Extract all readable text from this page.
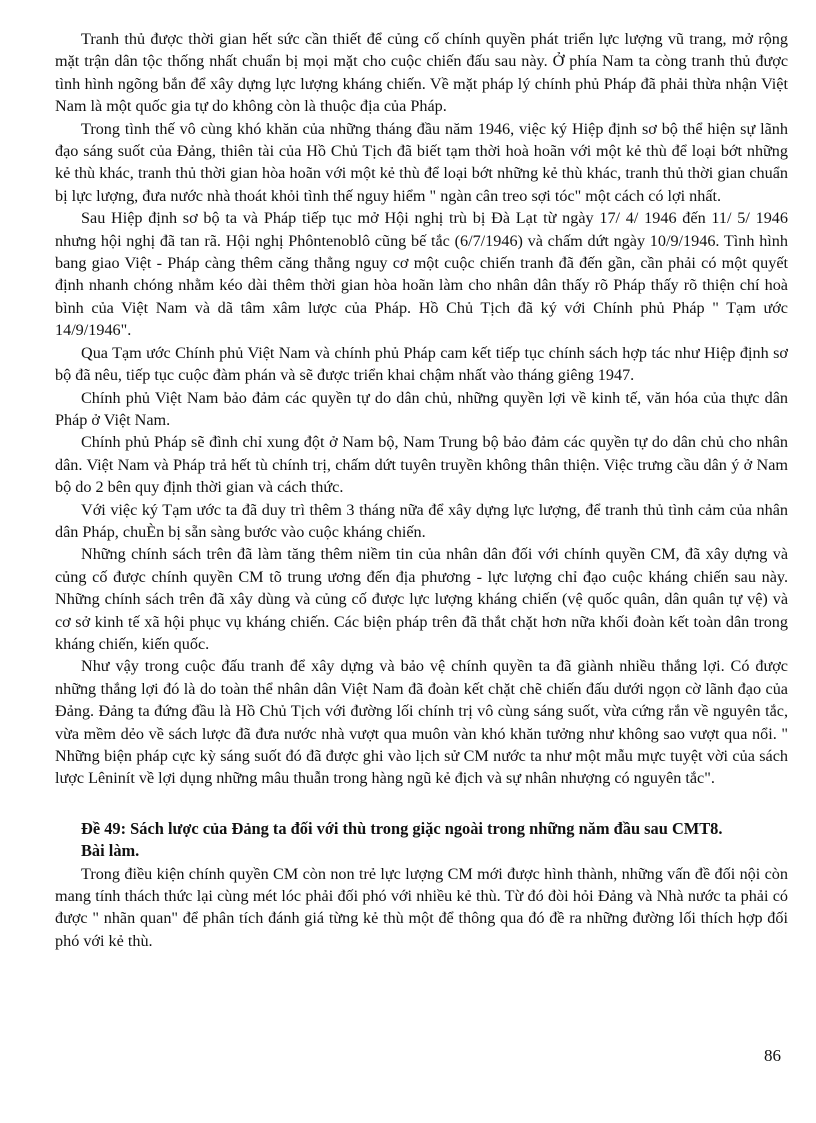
Tranh thủ được thời gian hết sức cần thiết để củng cố chính quyền phát triển lực lượng vũ trang, mở rộng mặt trận dân tộc thống nhất chuẩn bị mọi mặt cho cuộc chiến đấu sau này. Ở phía Nam ta còng tranh thủ được tình hình ngõng bắn để xây dựng lực lượng kháng chiến. Về mặt pháp lý chính phủ Pháp đã phải thừa nhận Việt Nam là một quốc gia tự do không còn là thuộc địa của Pháp.

Trong tình thế vô cùng khó khăn của những tháng đầu năm 1946, việc ký Hiệp định sơ bộ thể hiện sự lãnh đạo sáng suốt của Đảng, thiên tài của Hồ Chủ Tịch đã biết tạm thời hoà hoãn với một kẻ thù để loại bớt những kẻ thù khác, tranh thủ thời gian hòa hoãn với một kẻ thù để loại bớt những kẻ thù khác, tranh thủ thời gian chuẩn bị lực lượng, đưa nước nhà thoát khỏi tình thế nguy hiểm " ngàn cân treo sợi tóc" một cách có lợi nhất.

Sau Hiệp định sơ bộ ta và Pháp tiếp tục mở Hội nghị trù bị Đà Lạt từ ngày 17/ 4/ 1946 đến 11/ 5/ 1946 nhưng hội nghị đã tan rã. Hội nghị Phôntenoblô cũng bế tắc (6/7/1946) và chấm dứt ngày 10/9/1946. Tình hình bang giao Việt - Pháp càng thêm căng thẳng nguy cơ một cuộc chiến tranh đã đến gần, cần phải có một quyết định nhanh chóng nhằm kéo dài thêm thời gian hòa hoãn làm cho nhân dân thấy rõ Pháp thấy rõ thiện chí hoà bình của Việt Nam và dã tâm xâm lược của Pháp. Hồ Chủ Tịch đã ký với Chính phủ Pháp " Tạm ước 14/9/1946".

Qua Tạm ước Chính phủ Việt Nam và chính phủ Pháp cam kết tiếp tục chính sách hợp tác như Hiệp định sơ bộ đã nêu, tiếp tục cuộc đàm phán và sẽ được triển khai chậm nhất vào tháng giêng 1947.

Chính phủ Việt Nam bảo đảm các quyền tự do dân chủ, những quyền lợi về kinh tế, văn hóa của thực dân Pháp ở Việt Nam.

Chính phủ Pháp sẽ đình chỉ xung đột ở Nam bộ, Nam Trung bộ bảo đảm các quyền tự do dân chủ cho nhân dân. Việt Nam và Pháp trả hết tù chính trị, chấm dứt tuyên truyền không thân thiện. Việc trưng cầu dân ý ở Nam bộ do 2 bên quy định thời gian và cách thức.

Với việc ký Tạm ước ta đã duy trì thêm 3 tháng nữa để xây dựng lực lượng, để tranh thủ tình cảm của nhân dân Pháp, chuÈn bị sẵn sàng bước vào cuộc kháng chiến.

Những chính sách trên đã làm tăng thêm niềm tin của nhân dân đối với chính quyền CM, đã xây dựng và củng cố được chính quyền CM tõ trung ương đến địa phương - lực lượng chỉ đạo cuộc kháng chiến sau này. Những chính sách trên đã xây dùng và củng cố được lực lượng kháng chiến (vệ quốc quân, dân quân tự vệ) và cơ sở kinh tế xã hội phục vụ kháng chiến. Các biện pháp trên đã thắt chặt hơn nữa khối đoàn kết toàn dân trong kháng chiến, kiến quốc.

Như vậy trong cuộc đấu tranh để xây dựng và bảo vệ chính quyền ta đã giành nhiều thắng lợi. Có được những thắng lợi đó là do toàn thể nhân dân Việt Nam đã đoàn kết chặt chẽ chiến đấu dưới ngọn cờ lãnh đạo của Đảng. Đảng ta đứng đầu là Hồ Chủ Tịch với đường lối chính trị vô cùng sáng suốt, vừa cứng rắn về nguyên tắc, vừa mềm dẻo về sách lược đã đưa nước nhà vượt qua muôn vàn khó khăn tưởng như không sao vượt qua nổi. " Những biện pháp cực kỳ sáng suốt đó đã được ghi vào lịch sử CM nước ta như một mẫu mực tuyệt vời của sách lược Lêninít về lợi dụng những mâu thuẫn trong hàng ngũ kẻ địch và sự nhân nhượng có nguyên tắc".

Đề 49: Sách lược của Đảng ta đối với thù trong giặc ngoài trong những năm đầu sau CMT8.

Bài làm.

Trong điều kiện chính quyền CM còn non trẻ lực lượng CM mới được hình thành, những vấn đề đối nội còn mang tính thách thức lại cùng mét lóc phải đối phó với nhiều kẻ thù. Từ đó đòi hỏi Đảng và Nhà nước ta phải có được " nhãn quan" để phân tích đánh giá từng kẻ thù một để thông qua đó đề ra những đường lối thích hợp đối phó với kẻ thù.

86
